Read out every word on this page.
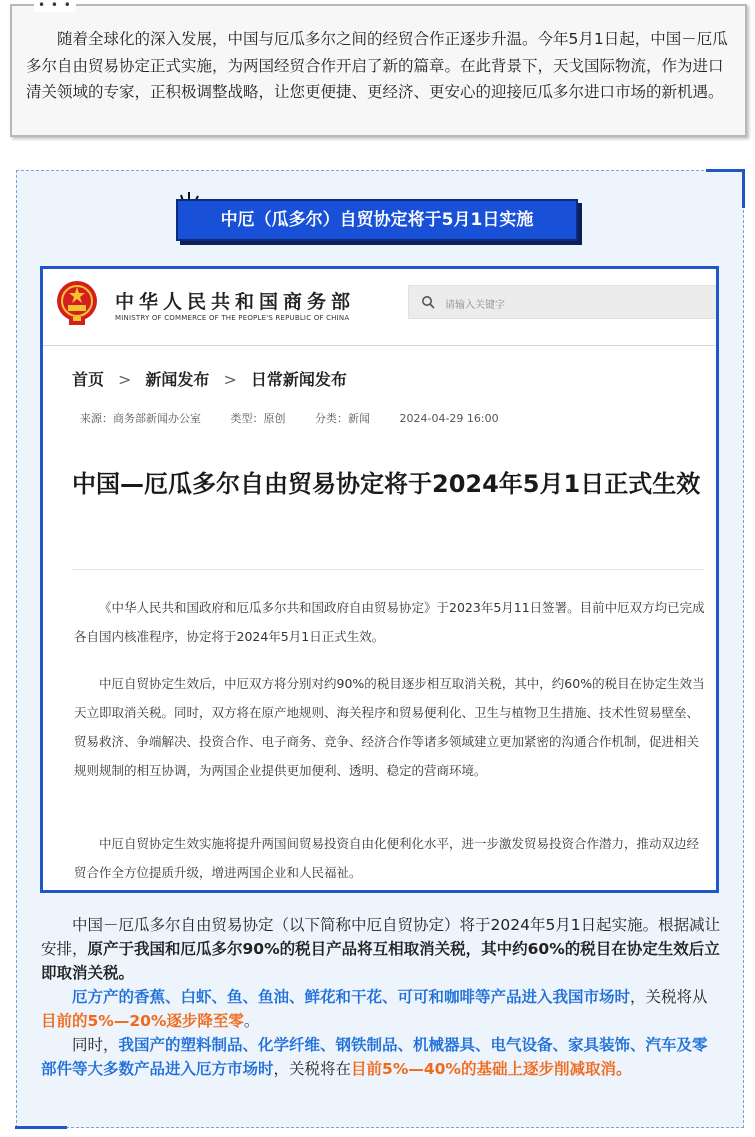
• • •

随着全球化的深入发展，中国与厄瓜多尔之间的经贸合作正逐步升温。今年5月1日起，中国－厄瓜多尔自由贸易协定正式实施，为两国经贸合作开启了新的篇章。在此背景下，天戈国际物流，作为进口清关领域的专家，正积极调整战略，让您更便捷、更经济、更安心的迎接厄瓜多尔进口市场的新机遇。

中厄（瓜多尔）自贸协定将于5月1日实施
中华人民共和国商务部
MINISTRY OF COMMERCE OF THE PEOPLE'S REPUBLIC OF CHINA
请输入关键字
首页 > 新闻发布 > 日常新闻发布
来源：商务部新闻办公室	类型：原创	分类：新闻	2024-04-29 16:00
中国—厄瓜多尔自由贸易协定将于2024年5月1日正式生效

《中华人民共和国政府和厄瓜多尔共和国政府自由贸易协定》于2023年5月11日签署。目前中厄双方均已完成各自国内核准程序，协定将于2024年5月1日正式生效。

中厄自贸协定生效后，中厄双方将分别对约90%的税目逐步相互取消关税，其中，约60%的税目在协定生效当天立即取消关税。同时，双方将在原产地规则、海关程序和贸易便利化、卫生与植物卫生措施、技术性贸易壁垒、贸易救济、争端解决、投资合作、电子商务、竞争、经济合作等诸多领域建立更加紧密的沟通合作机制，促进相关规则规制的相互协调，为两国企业提供更加便利、透明、稳定的营商环境。

中厄自贸协定生效实施将提升两国间贸易投资自由化便利化水平，进一步激发贸易投资合作潜力，推动双边经贸合作全方位提质升级，增进两国企业和人民福祉。

中国－厄瓜多尔自由贸易协定（以下简称中厄自贸协定）将于2024年5月1日起实施。根据减让安排，原产于我国和厄瓜多尔90%的税目产品将互相取消关税，其中约60%的税目在协定生效后立即取消关税。

厄方产的香蕉、白虾、鱼、鱼油、鲜花和干花、可可和咖啡等产品进入我国市场时，关税将从目前的5%—20%逐步降至零。

同时，我国产的塑料制品、化学纤维、钢铁制品、机械器具、电气设备、家具装饰、汽车及零部件等大多数产品进入厄方市场时，关税将在目前5%—40%的基础上逐步削减取消。
